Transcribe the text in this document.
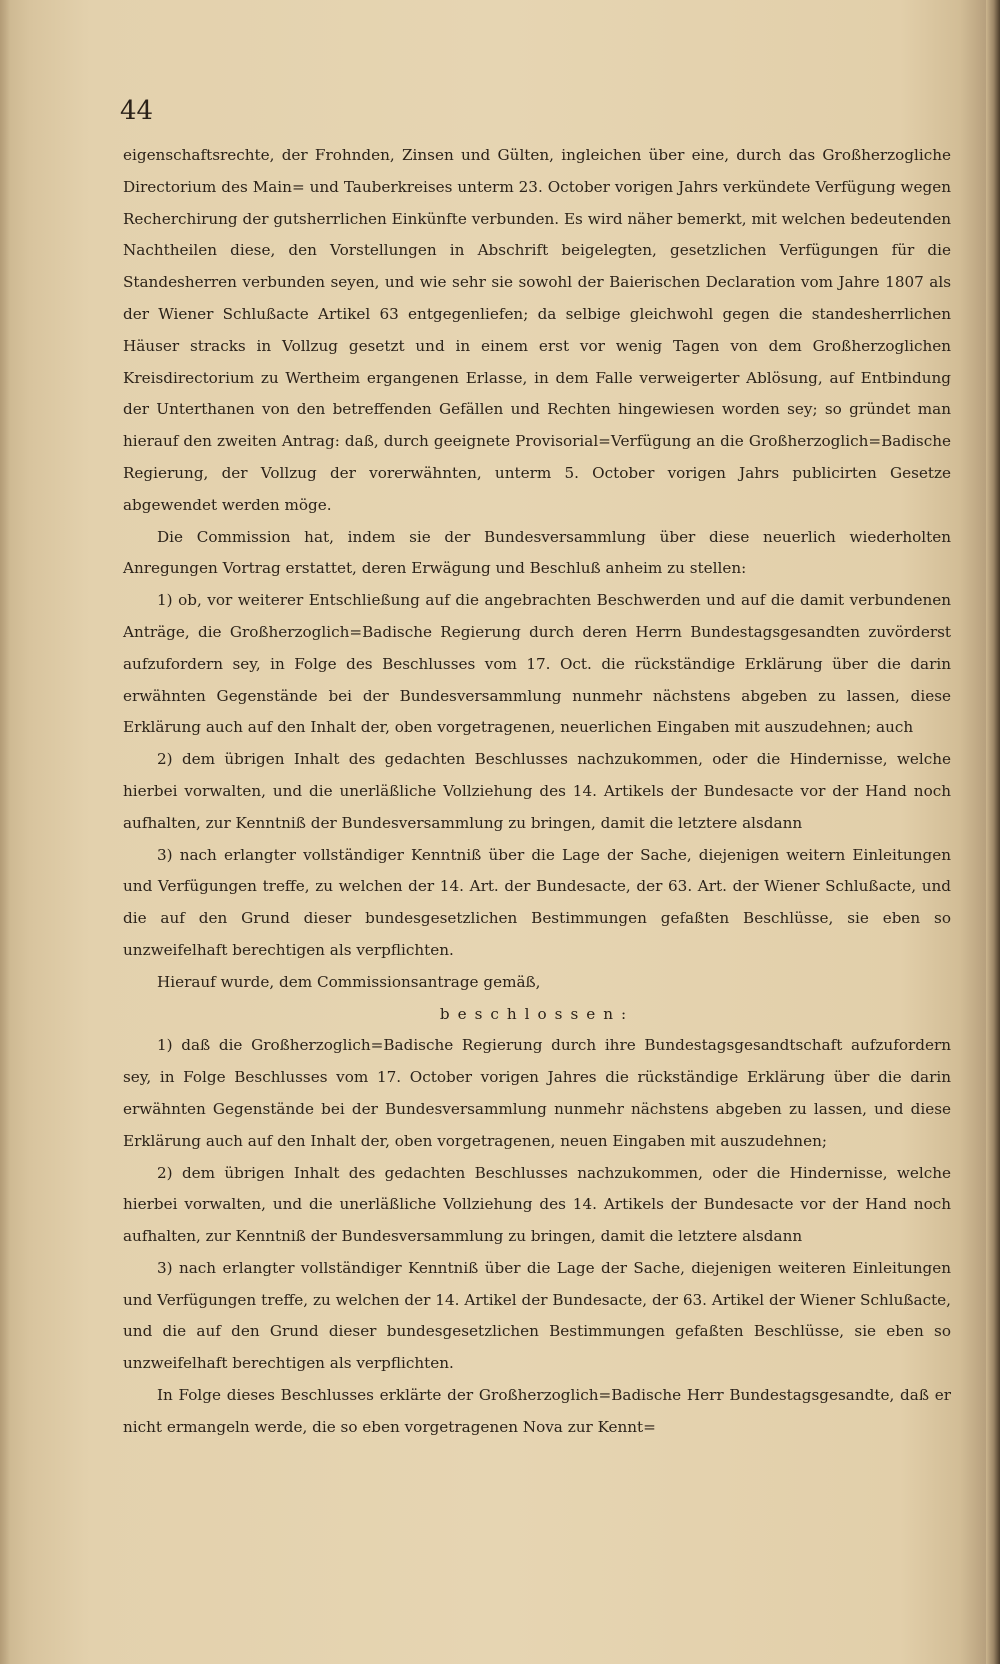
44

eigenschaftsrechte, der Frohnden, Zinsen und Gülten, ingleichen über eine, durch das Großherzogliche Directorium des Main= und Tauberkreises unterm 23. October vorigen Jahrs verkündete Verfügung wegen Recherchirung der gutsherrlichen Einkünfte verbunden. Es wird näher bemerkt, mit welchen bedeutenden Nachtheilen diese, den Vorstellungen in Abschrift beigelegten, gesetzlichen Verfügungen für die Standesherren verbunden seyen, und wie sehr sie sowohl der Baierischen Declaration vom Jahre 1807 als der Wiener Schlußacte Artikel 63 entgegenliefen; da selbige gleichwohl gegen die standesherrlichen Häuser stracks in Vollzug gesetzt und in einem erst vor wenig Tagen von dem Großherzoglichen Kreisdirectorium zu Wertheim ergangenen Erlasse, in dem Falle verweigerter Ablösung, auf Entbindung der Unterthanen von den betreffenden Gefällen und Rechten hingewiesen worden sey; so gründet man hierauf den zweiten Antrag: daß, durch geeignete Provisorial=Verfügung an die Großherzoglich=Badische Regierung, der Vollzug der vorerwähnten, unterm 5. October vorigen Jahrs publicirten Gesetze abgewendet werden möge.

Die Commission hat, indem sie der Bundesversammlung über diese neuerlich wiederholten Anregungen Vortrag erstattet, deren Erwägung und Beschluß anheim zu stellen:

1) ob, vor weiterer Entschließung auf die angebrachten Beschwerden und auf die damit verbundenen Anträge, die Großherzoglich=Badische Regierung durch deren Herrn Bundestagsgesandten zuvörderst aufzufordern sey, in Folge des Beschlusses vom 17. Oct. die rückständige Erklärung über die darin erwähnten Gegenstände bei der Bundesversammlung nunmehr nächstens abgeben zu lassen, diese Erklärung auch auf den Inhalt der, oben vorgetragenen, neuerlichen Eingaben mit auszudehnen; auch

2) dem übrigen Inhalt des gedachten Beschlusses nachzukommen, oder die Hindernisse, welche hierbei vorwalten, und die unerläßliche Vollziehung des 14. Artikels der Bundesacte vor der Hand noch aufhalten, zur Kenntniß der Bundesversammlung zu bringen, damit die letztere alsdann

3) nach erlangter vollständiger Kenntniß über die Lage der Sache, diejenigen weitern Einleitungen und Verfügungen treffe, zu welchen der 14. Art. der Bundesacte, der 63. Art. der Wiener Schlußacte, und die auf den Grund dieser bundesgesetzlichen Bestimmungen gefaßten Beschlüsse, sie eben so unzweifelhaft berechtigen als verpflichten.

Hierauf wurde, dem Commissionsantrage gemäß,

beschlossen:

1) daß die Großherzoglich=Badische Regierung durch ihre Bundestagsgesandtschaft aufzufordern sey, in Folge Beschlusses vom 17. October vorigen Jahres die rückständige Erklärung über die darin erwähnten Gegenstände bei der Bundesversammlung nunmehr nächstens abgeben zu lassen, und diese Erklärung auch auf den Inhalt der, oben vorgetragenen, neuen Eingaben mit auszudehnen;

2) dem übrigen Inhalt des gedachten Beschlusses nachzukommen, oder die Hindernisse, welche hierbei vorwalten, und die unerläßliche Vollziehung des 14. Artikels der Bundesacte vor der Hand noch aufhalten, zur Kenntniß der Bundesversammlung zu bringen, damit die letztere alsdann

3) nach erlangter vollständiger Kenntniß über die Lage der Sache, diejenigen weiteren Einleitungen und Verfügungen treffe, zu welchen der 14. Artikel der Bundesacte, der 63. Artikel der Wiener Schlußacte, und die auf den Grund dieser bundesgesetzlichen Bestimmungen gefaßten Beschlüsse, sie eben so unzweifelhaft berechtigen als verpflichten.

In Folge dieses Beschlusses erklärte der Großherzoglich=Badische Herr Bundestagsgesandte, daß er nicht ermangeln werde, die so eben vorgetragenen Nova zur Kennt=
